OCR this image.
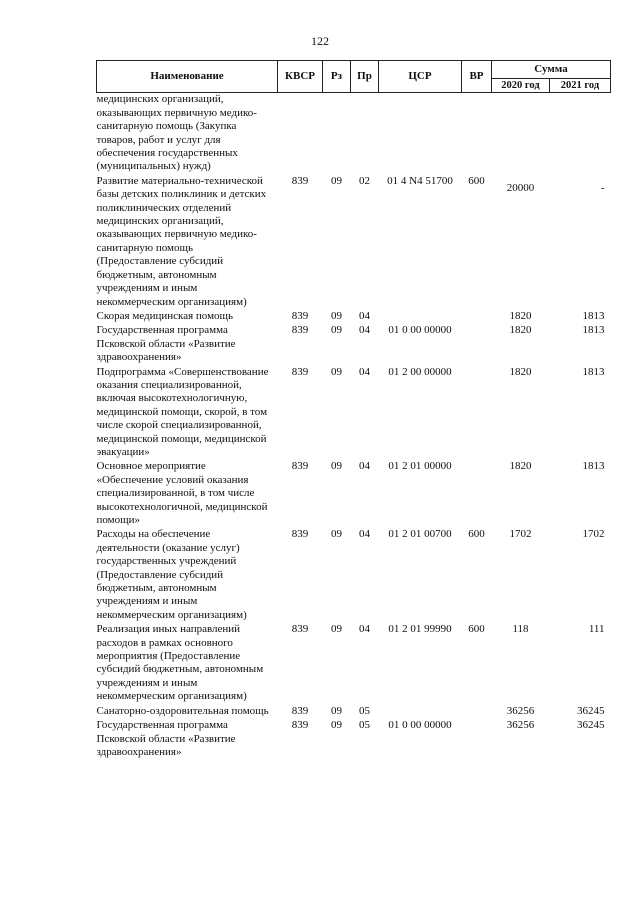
122
Наименование	КВСР	Рз	Пр	ЦСР	ВР	Сумма	
						2020 год	2021 год
медицинских организаций, оказывающих первичную медико-санитарную помощь (Закупка товаров, работ и услуг для обеспечения государственных (муниципальных) нужд)							
Развитие материально-технической базы детских поликлиник и детских поликлинических отделений медицинских организаций, оказывающих первичную медико-санитарную помощь (Предоставление субсидий бюджетным, автономным учреждениям и иным некоммерческим организациям)	839	09	02	01 4 N4 51700	600	20000	-
Скорая медицинская помощь	839	09	04			1820	1813
Государственная программа Псковской области «Развитие здравоохранения»	839	09	04	01 0 00 00000		1820	1813
Подпрограмма «Совершенствование оказания специализированной, включая высокотехнологичную, медицинской помощи, скорой, в том числе скорой специализированной, медицинской помощи, медицинской эвакуации»	839	09	04	01 2 00 00000		1820	1813
Основное мероприятие «Обеспечение условий оказания специализированной, в том числе высокотехнологичной, медицинской помощи»	839	09	04	01 2 01 00000		1820	1813
Расходы на обеспечение деятельности (оказание услуг) государственных учреждений (Предоставление субсидий бюджетным, автономным учреждениям и иным некоммерческим организациям)	839	09	04	01 2 01 00700	600	1702	1702
Реализация иных направлений расходов в рамках основного мероприятия (Предоставление субсидий бюджетным, автономным учреждениям и иным некоммерческим организациям)	839	09	04	01 2 01 99990	600	118	111
Санаторно-оздоровительная помощь	839	09	05			36256	36245
Государственная программа Псковской области «Развитие здравоохранения»	839	09	05	01 0 00 00000		36256	36245
